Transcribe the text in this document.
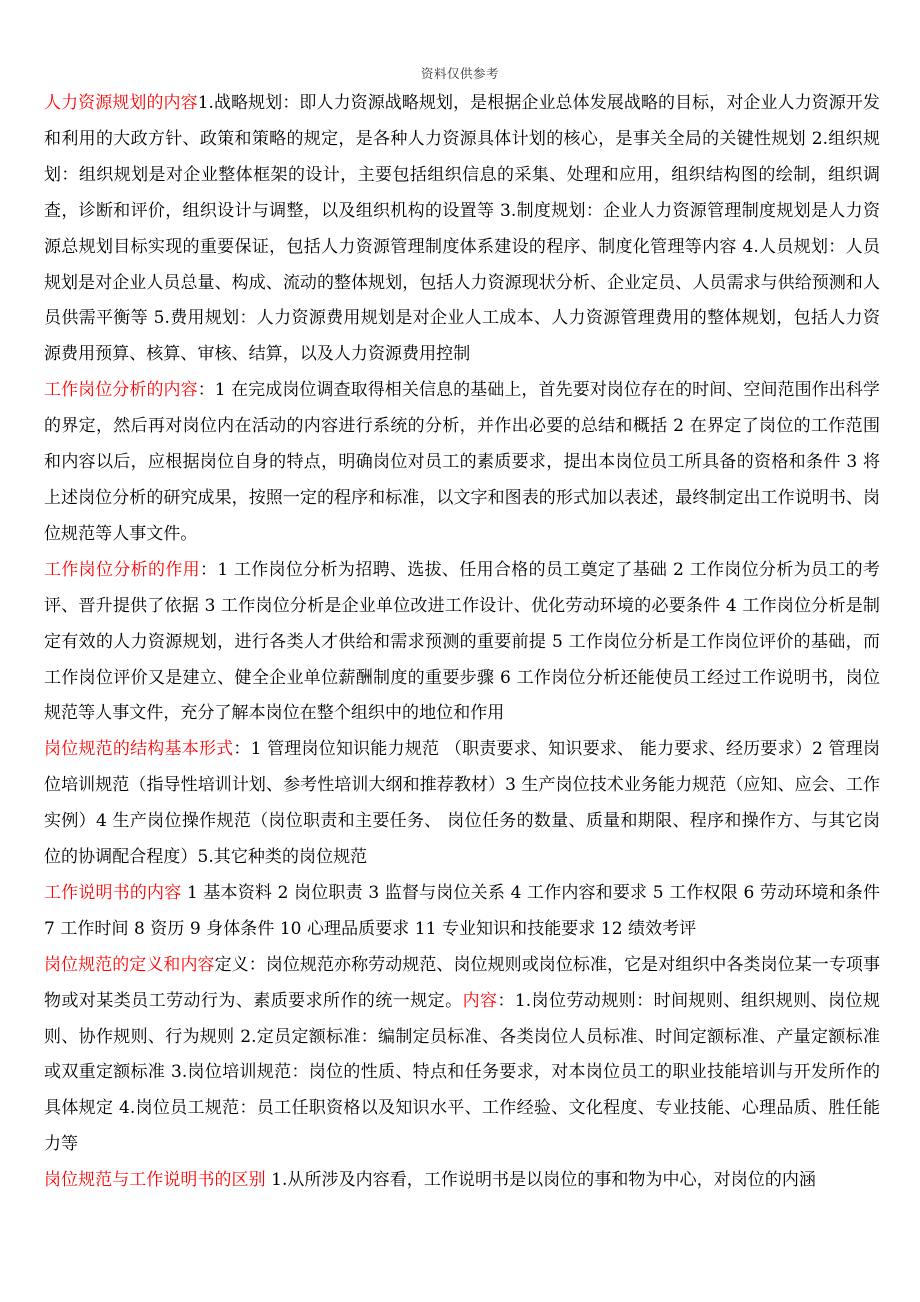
资料仅供参考

人力资源规划的内容1.战略规划：即人力资源战略规划，是根据企业总体发展战略的目标，对企业人力资源开发和利用的大政方针、政策和策略的规定，是各种人力资源具体计划的核心，是事关全局的关键性规划 2.组织规划：组织规划是对企业整体框架的设计，主要包括组织信息的采集、处理和应用，组织结构图的绘制，组织调查，诊断和评价，组织设计与调整，以及组织机构的设置等 3.制度规划：企业人力资源管理制度规划是人力资源总规划目标实现的重要保证，包括人力资源管理制度体系建设的程序、制度化管理等内容 4.人员规划：人员规划是对企业人员总量、构成、流动的整体规划，包括人力资源现状分析、企业定员、人员需求与供给预测和人员供需平衡等 5.费用规划：人力资源费用规划是对企业人工成本、人力资源管理费用的整体规划，包括人力资源费用预算、核算、审核、结算，以及人力资源费用控制

工作岗位分析的内容：1 在完成岗位调查取得相关信息的基础上，首先要对岗位存在的时间、空间范围作出科学的界定，然后再对岗位内在活动的内容进行系统的分析，并作出必要的总结和概括 2 在界定了岗位的工作范围和内容以后，应根据岗位自身的特点，明确岗位对员工的素质要求，提出本岗位员工所具备的资格和条件 3 将上述岗位分析的研究成果，按照一定的程序和标准，以文字和图表的形式加以表述，最终制定出工作说明书、岗位规范等人事文件。

工作岗位分析的作用：1 工作岗位分析为招聘、选拔、任用合格的员工奠定了基础 2 工作岗位分析为员工的考评、晋升提供了依据 3 工作岗位分析是企业单位改进工作设计、优化劳动环境的必要条件 4 工作岗位分析是制定有效的人力资源规划，进行各类人才供给和需求预测的重要前提 5 工作岗位分析是工作岗位评价的基础，而工作岗位评价又是建立、健全企业单位薪酬制度的重要步骤 6 工作岗位分析还能使员工经过工作说明书，岗位规范等人事文件，充分了解本岗位在整个组织中的地位和作用

岗位规范的结构基本形式：1 管理岗位知识能力规范 （职责要求、知识要求、 能力要求、经历要求）2 管理岗位培训规范（指导性培训计划、参考性培训大纲和推荐教材）3 生产岗位技术业务能力规范（应知、应会、工作实例）4 生产岗位操作规范（岗位职责和主要任务、 岗位任务的数量、质量和期限、程序和操作方、与其它岗位的协调配合程度）5.其它种类的岗位规范

工作说明书的内容 1 基本资料 2 岗位职责 3 监督与岗位关系 4 工作内容和要求 5 工作权限 6 劳动环境和条件 7 工作时间 8 资历 9 身体条件 10 心理品质要求 11 专业知识和技能要求 12 绩效考评

岗位规范的定义和内容定义：岗位规范亦称劳动规范、岗位规则或岗位标准，它是对组织中各类岗位某一专项事物或对某类员工劳动行为、素质要求所作的统一规定。内容：1.岗位劳动规则：时间规则、组织规则、岗位规则、协作规则、行为规则 2.定员定额标准：编制定员标准、各类岗位人员标准、时间定额标准、产量定额标准或双重定额标准 3.岗位培训规范：岗位的性质、特点和任务要求，对本岗位员工的职业技能培训与开发所作的具体规定 4.岗位员工规范：员工任职资格以及知识水平、工作经验、文化程度、专业技能、心理品质、胜任能力等

岗位规范与工作说明书的区别 1.从所涉及内容看，工作说明书是以岗位的事和物为中心，对岗位的内涵
